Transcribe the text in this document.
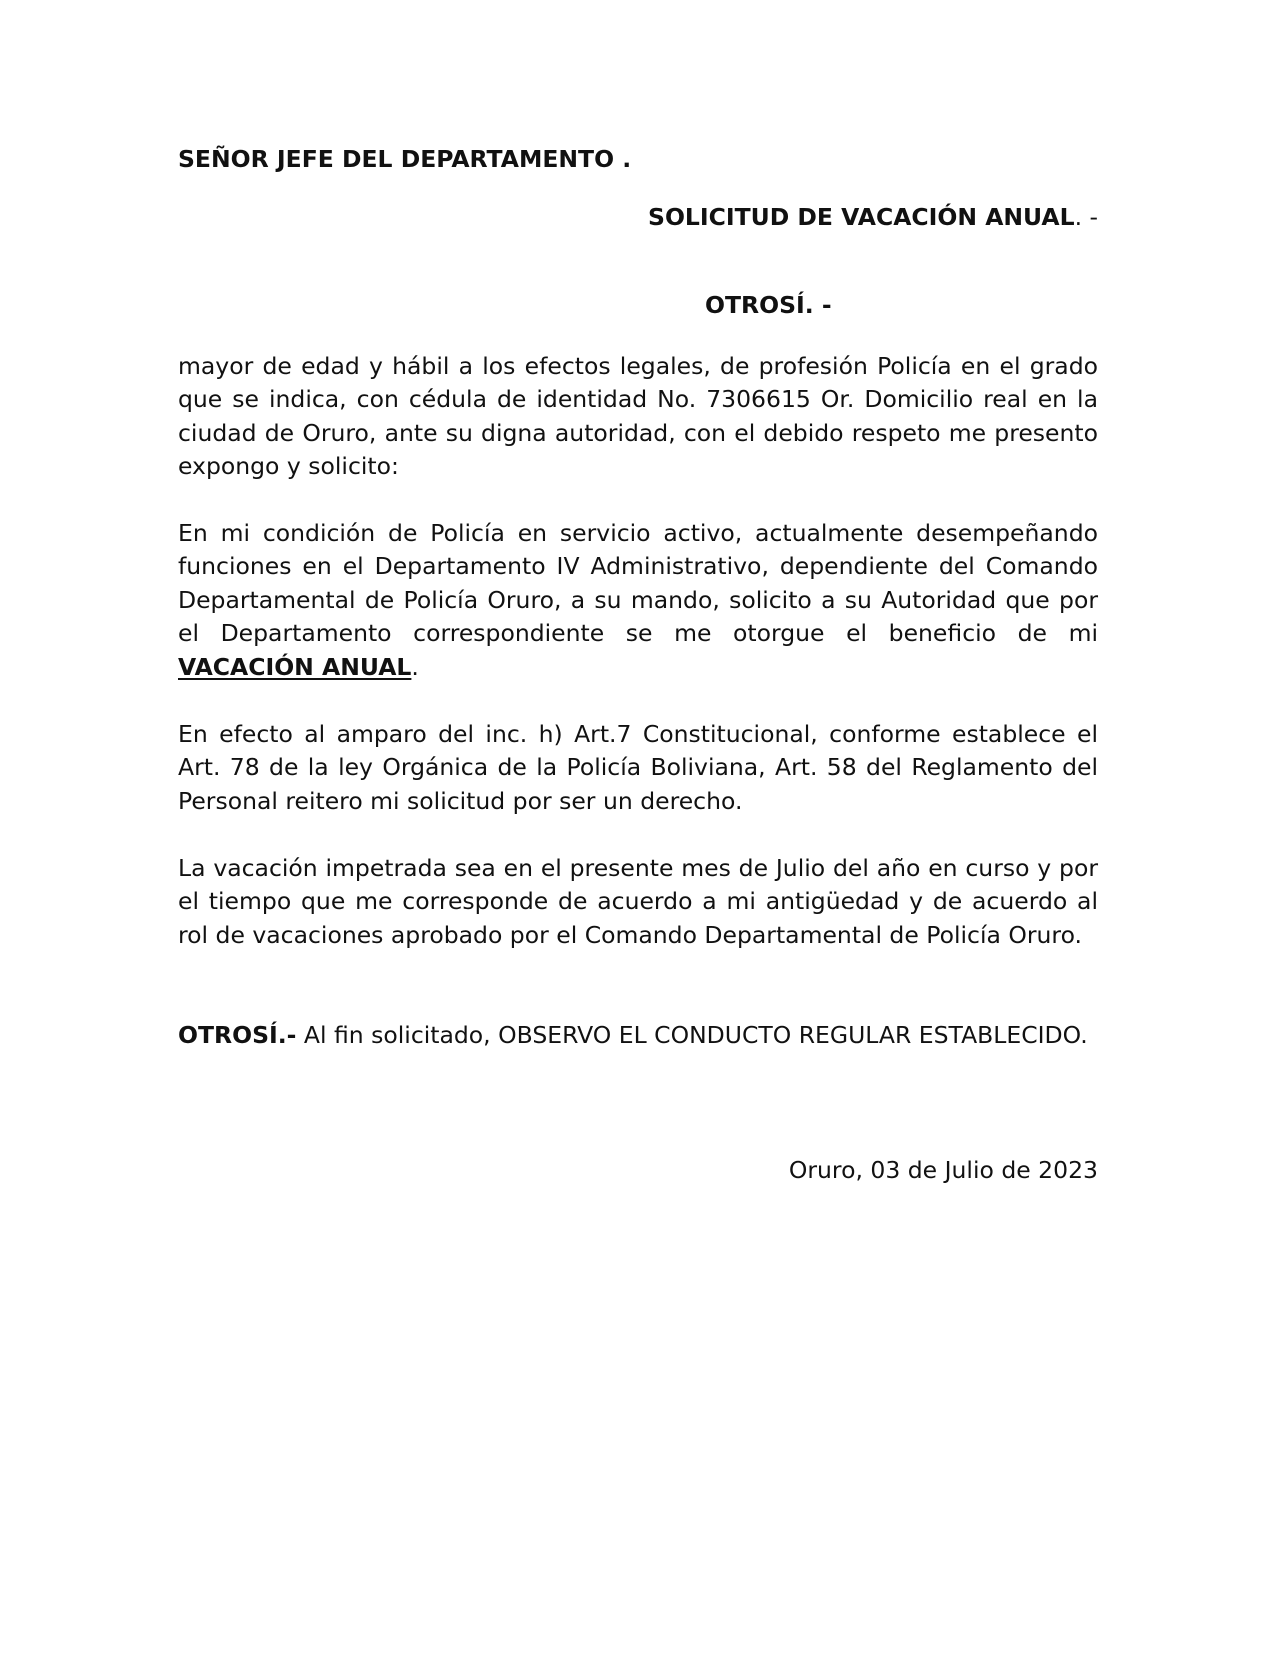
SEÑOR JEFE DEL DEPARTAMENTO .
SOLICITUD DE VACACIÓN ANUAL. -
OTROSÍ. -

mayor de edad y hábil a los efectos legales, de profesión Policía en el grado que se indica, con cédula de identidad No. 7306615 Or. Domicilio real en la ciudad de Oruro, ante su digna autoridad, con el debido respeto me presento expongo y solicito:

En mi condición de Policía en servicio activo, actualmente desempeñando funciones en el Departamento IV Administrativo, dependiente del Comando Departamental de Policía Oruro, a su mando, solicito a su Autoridad que por el Departamento correspondiente se me otorgue el beneficio de mi VACACIÓN ANUAL.

En efecto al amparo del inc. h) Art.7 Constitucional, conforme establece el Art. 78 de la ley Orgánica de la Policía Boliviana, Art. 58 del Reglamento del Personal reitero mi solicitud por ser un derecho.

La vacación impetrada sea en el presente mes de Julio del año en curso y por el tiempo que me corresponde de acuerdo a mi antigüedad y de acuerdo al rol de vacaciones aprobado por el Comando Departamental de Policía Oruro.

OTROSÍ.- Al fin solicitado, OBSERVO EL CONDUCTO REGULAR ESTABLECIDO.

Oruro, 03 de Julio de 2023
